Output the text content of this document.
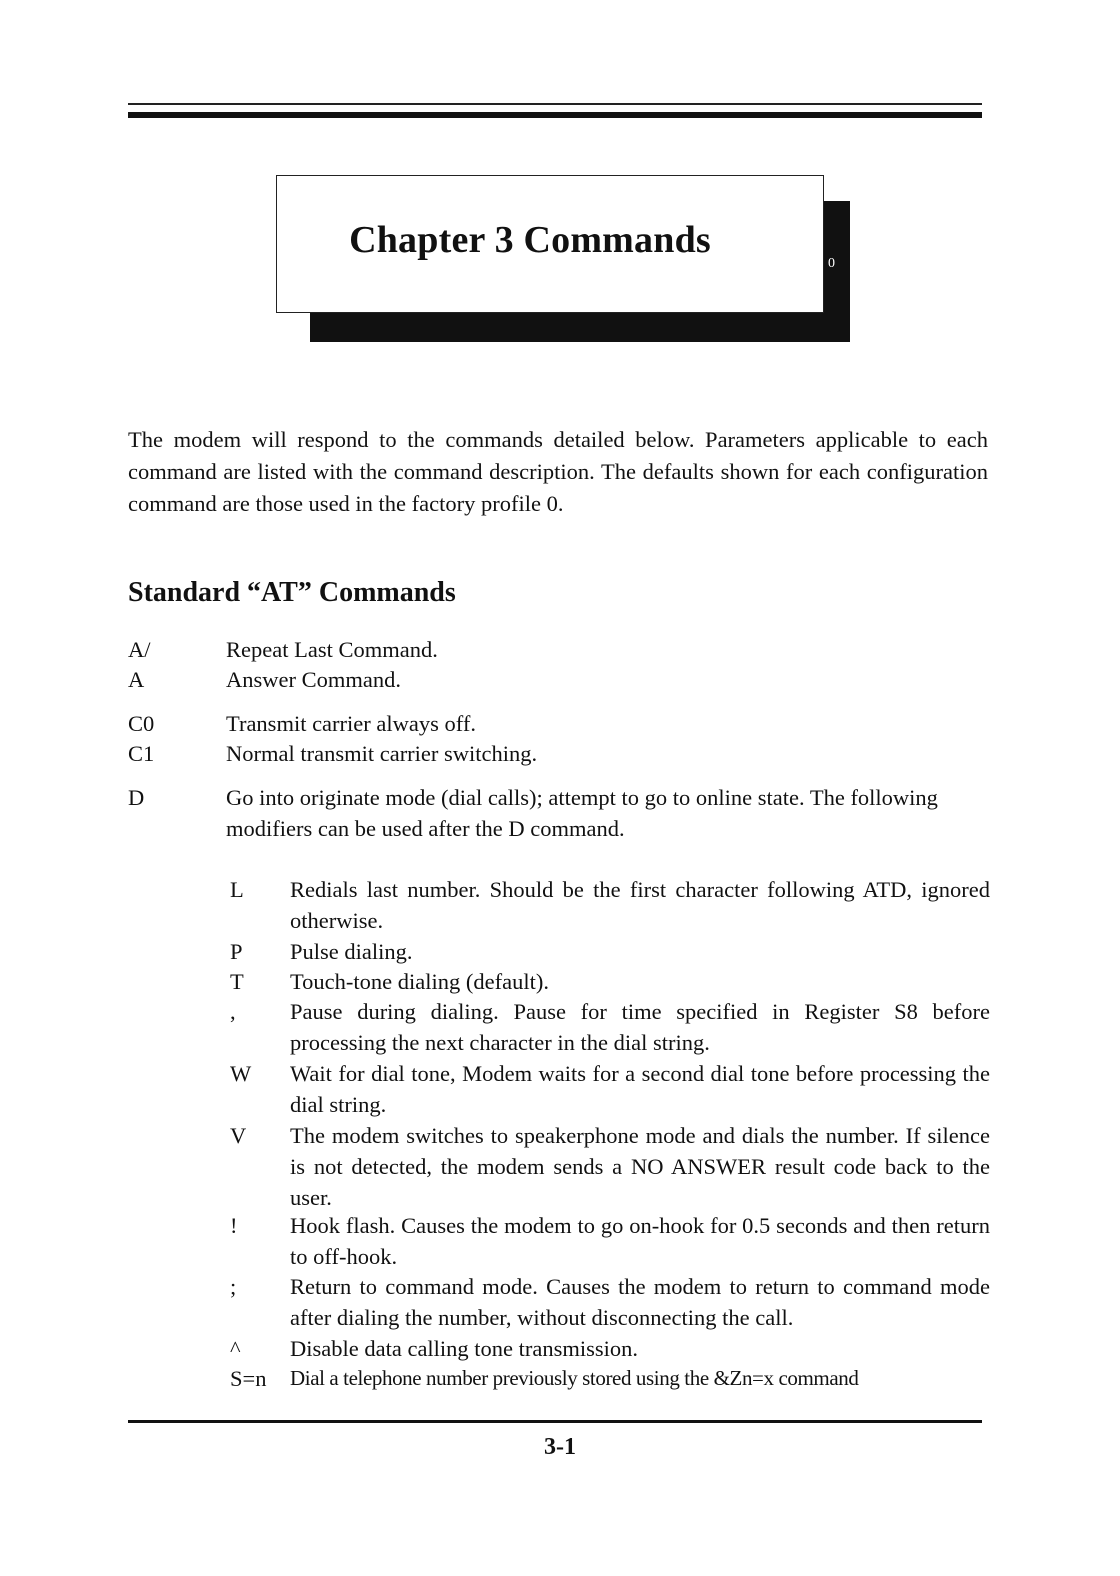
Chapter 3 Commands
0

The modem will respond to the commands detailed below. Parameters applicable to each command are listed with the command description. The defaults shown for each configuration command are those used in the factory profile 0.

Standard “AT” Commands
A/	Repeat Last Command.
A	Answer Command.
C0	Transmit carrier always off.
C1	Normal transmit carrier switching.
D	Go into originate mode (dial calls); attempt to go to online state. The following modifiers can be used after the D command.
L	Redials last number. Should be the first character following ATD, ignored otherwise.
P	Pulse dialing.
T	Touch-tone dialing (default).
,	Pause during dialing. Pause for time specified in Register S8 before processing the next character in the dial string.
W	Wait for dial tone, Modem waits for a second dial tone before processing the dial string.
V	The modem switches to speakerphone mode and dials the number. If silence is not detected, the modem sends a NO ANSWER result code back to the user.
!	Hook flash. Causes the modem to go on-hook for 0.5 seconds and then return to off-hook.
;	Return to command mode. Causes the modem to return to command mode after dialing the number, without disconnecting the call.
^	Disable data calling tone transmission.
S=n	Dial a telephone number previously stored using the &Zn=x command
3-1
